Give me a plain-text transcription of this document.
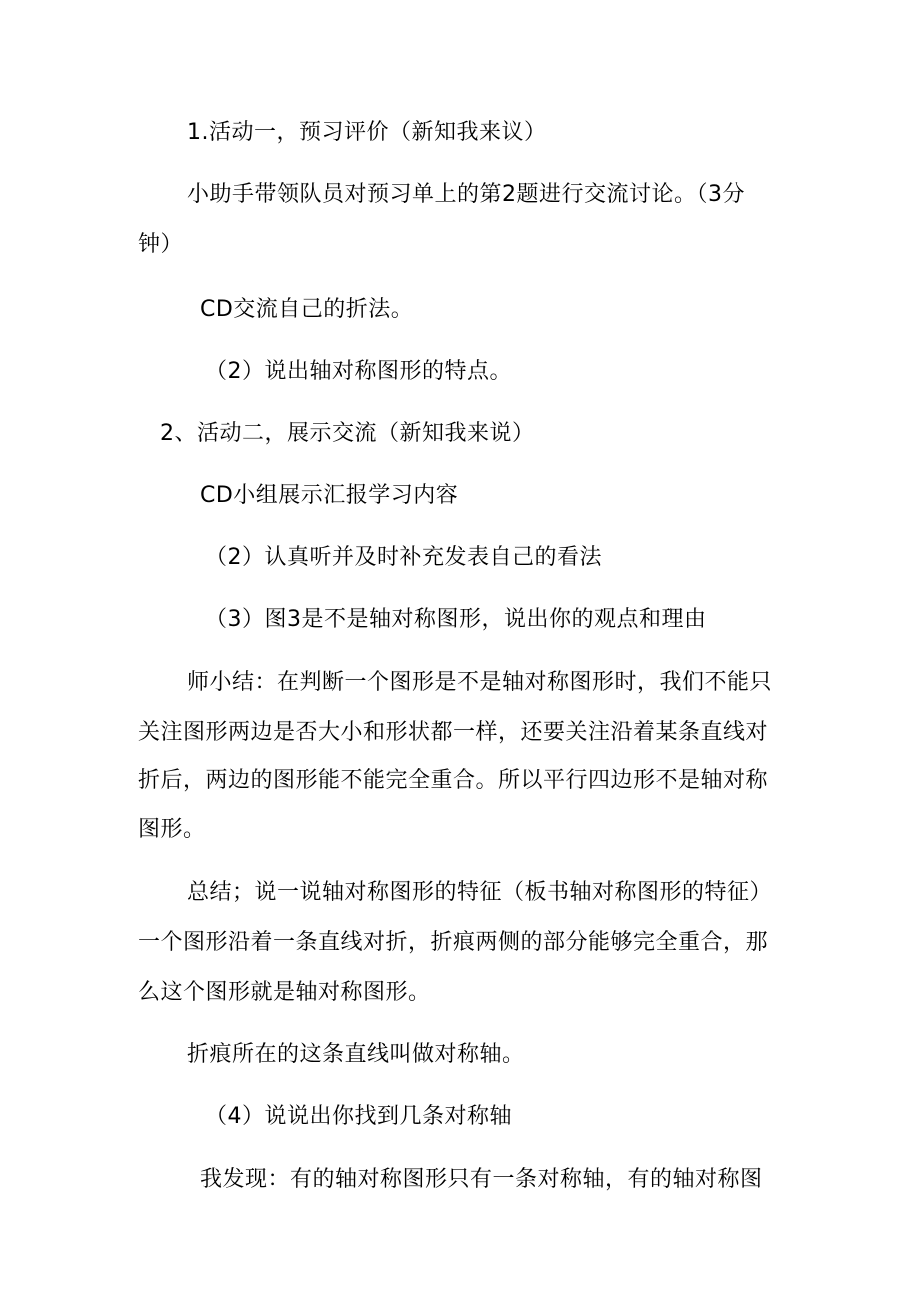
1.活动一，预习评价（新知我来议）
小助手带领队员对预习单上的第2题进行交流讨论。（3分
钟）
CD交流自己的折法。
（2）说出轴对称图形的特点。
2、活动二，展示交流（新知我来说）
CD小组展示汇报学习内容
（2）认真听并及时补充发表自己的看法
（3）图3是不是轴对称图形，说出你的观点和理由
师小结：在判断一个图形是不是轴对称图形时，我们不能只
关注图形两边是否大小和形状都一样，还要关注沿着某条直线对
折后，两边的图形能不能完全重合。所以平行四边形不是轴对称
图形。
总结；说一说轴对称图形的特征（板书轴对称图形的特征）
一个图形沿着一条直线对折，折痕两侧的部分能够完全重合，那
么这个图形就是轴对称图形。
折痕所在的这条直线叫做对称轴。
（4）说说出你找到几条对称轴
我发现：有的轴对称图形只有一条对称轴，有的轴对称图
